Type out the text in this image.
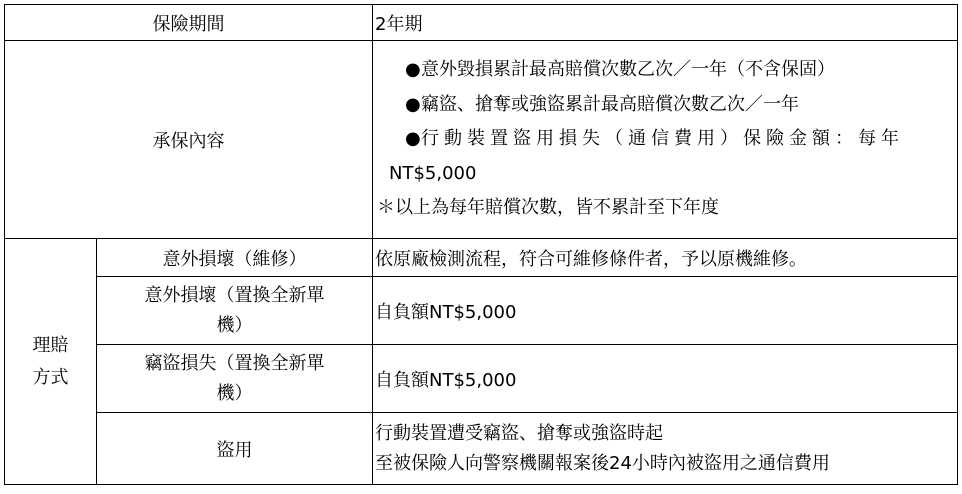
保險期間		2年期
承保內容		●意外毀損累計最高賠償次數乙次／一年（不含保固）
●竊盜、搶奪或強盜累計最高賠償次數乙次／一年
●行動裝置盜用損失（通信費用）保險金額：每年
NT$5,000
＊以上為每年賠償次數，皆不累計至下年度

理賠
方式	意外損壞（維修）	依原廠檢測流程，符合可維修條件者，予以原機維修。

	意外損壞（置換全新單
機）	自負額NT$5,000

	竊盜損失（置換全新單
機）	自負額NT$5,000
	盜用	行動裝置遭受竊盜、搶奪或強盜時起
至被保險人向警察機關報案後24小時內被盜用之通信費用
